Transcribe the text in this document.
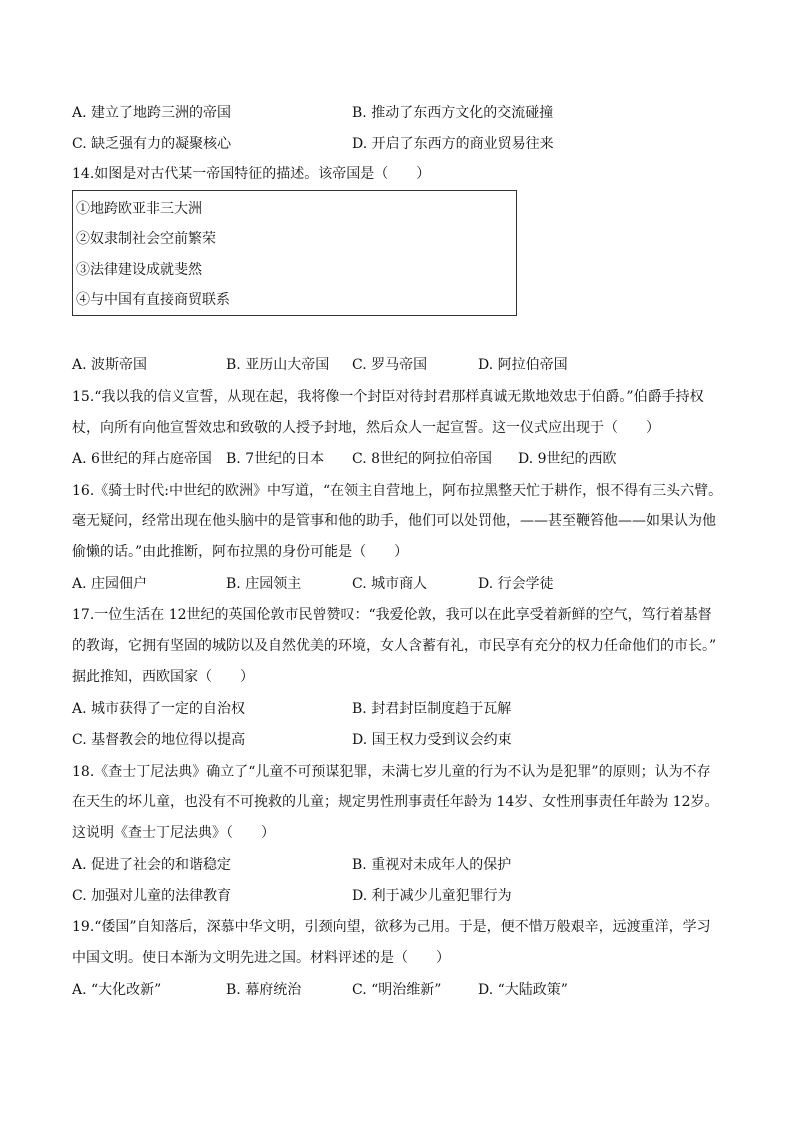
A. 建立了地跨三洲的帝国	B. 推动了东西方文化的交流碰撞
C. 缺乏强有力的凝聚核心	D. 开启了东西方的商业贸易往来
14.如图是对古代某一帝国特征的描述。该帝国是（　　）
①地跨欧亚非三大洲
②奴隶制社会空前繁荣
③法律建设成就斐然
④与中国有直接商贸联系
A. 波斯帝国	B. 亚历山大帝国 C. 罗马帝国	D. 阿拉伯帝国
15.“我以我的信义宣誓，从现在起，我将像一个封臣对待封君那样真诚无欺地效忠于伯爵。”伯爵手持权
杖，向所有向他宣誓效忠和致敬的人授予封地，然后众人一起宣誓。这一仪式应出现于（　　）
A. 6世纪的拜占庭帝国 B. 7世纪的日本 C. 8世纪的阿拉伯帝国 D. 9世纪的西欧
16.《骑士时代:中世纪的欧洲》中写道，“在领主自营地上，阿布拉黑整天忙于耕作，恨不得有三头六臂。
毫无疑问，经常出现在他头脑中的是管事和他的助手，他们可以处罚他，——甚至鞭笞他——如果认为他
偷懒的话。”由此推断，阿布拉黑的身份可能是（　　）
A. 庄园佃户	B. 庄园领主	C. 城市商人	D. 行会学徒
17.一位生活在 12世纪的英国伦敦市民曾赞叹：“我爱伦敦，我可以在此享受着新鲜的空气，笃行着基督
的教诲，它拥有坚固的城防以及自然优美的环境，女人含蓄有礼，市民享有充分的权力任命他们的市长。”
据此推知，西欧国家（　　）
A. 城市获得了一定的自治权	B. 封君封臣制度趋于瓦解
C. 基督教会的地位得以提高	D. 国王权力受到议会约束
18.《查士丁尼法典》确立了“儿童不可预谋犯罪，未满七岁儿童的行为不认为是犯罪”的原则；认为不存
在天生的坏儿童，也没有不可挽救的儿童；规定男性刑事责任年龄为 14岁、女性刑事责任年龄为 12岁。
这说明《查士丁尼法典》（　　）
A. 促进了社会的和谐稳定	B. 重视对未成年人的保护
C. 加强对儿童的法律教育	D. 利于减少儿童犯罪行为
19.“倭国”自知落后，深慕中华文明，引颈向望，欲移为己用。于是，便不惜万般艰辛，远渡重洋，学习
中国文明。使日本渐为文明先进之国。材料评述的是（　　）
A. “大化改新”	B. 幕府统治	C. “明治维新”	D. “大陆政策”
